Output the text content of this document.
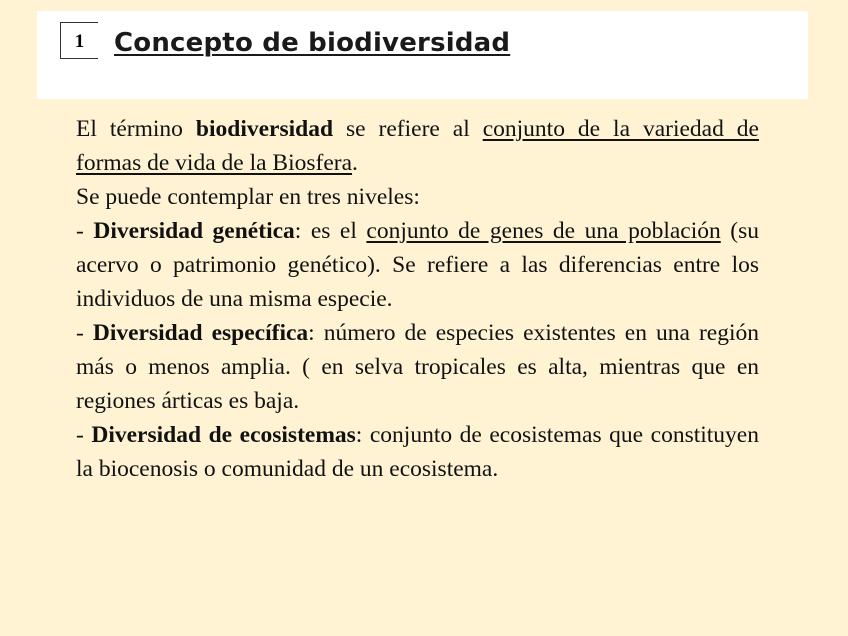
1	Concepto de biodiversidad

El término biodiversidad se refiere al conjunto de la variedad de formas de vida de la Biosfera.

Se puede contemplar en tres niveles:

- Diversidad genética: es el conjunto de genes de una población (su acervo o patrimonio genético). Se refiere a las diferencias entre los individuos de una misma especie.

- Diversidad específica: número de especies existentes en una región más o menos amplia. ( en selva tropicales es alta, mientras que en regiones árticas es baja.

- Diversidad de ecosistemas: conjunto de ecosistemas que constituyen la biocenosis o comunidad de un ecosistema.
